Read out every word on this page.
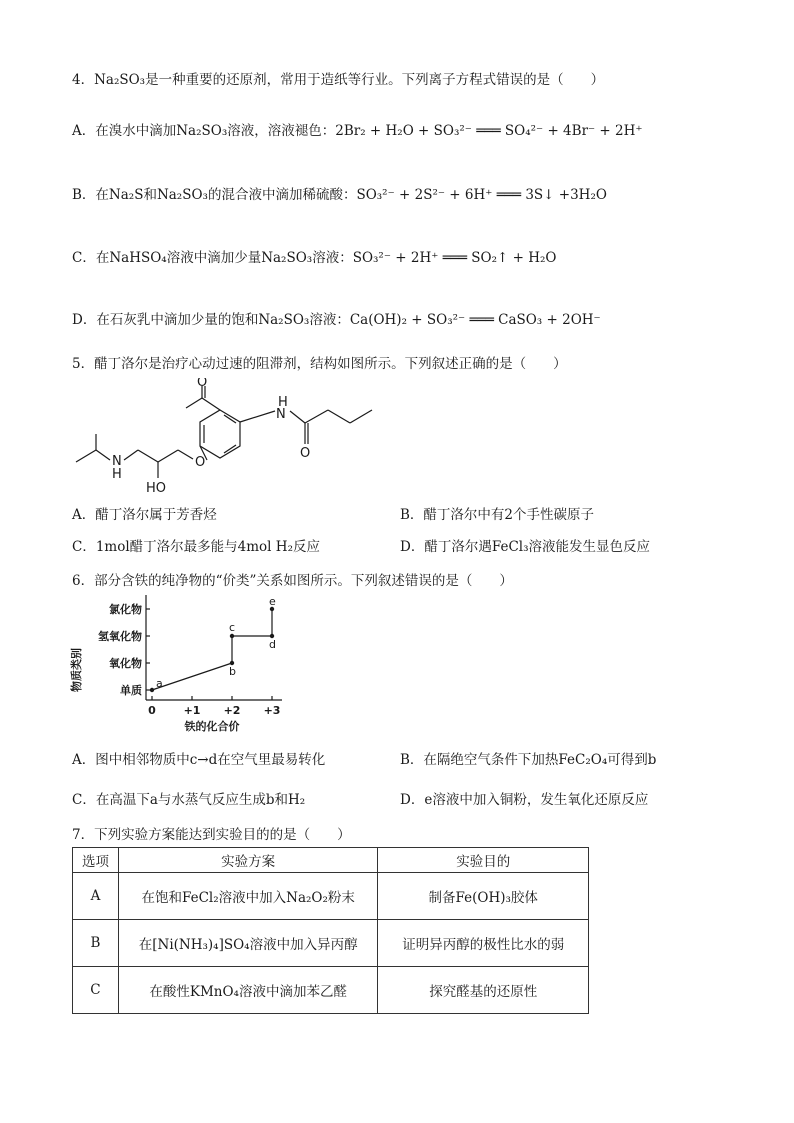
4．Na₂SO₃是一种重要的还原剂，常用于造纸等行业。下列离子方程式错误的是（　　）
A．在溴水中滴加Na₂SO₃溶液，溶液褪色：2Br₂ + H₂O + SO₃²⁻ ═══ SO₄²⁻ + 4Br⁻ + 2H⁺
B．在Na₂S和Na₂SO₃的混合液中滴加稀硫酸：SO₃²⁻ + 2S²⁻ + 6H⁺ ═══ 3S↓ +3H₂O
C．在NaHSO₄溶液中滴加少量Na₂SO₃溶液：SO₃²⁻ + 2H⁺ ═══ SO₂↑ + H₂O
D．在石灰乳中滴加少量的饱和Na₂SO₃溶液：Ca(OH)₂ + SO₃²⁻ ═══ CaSO₃ + 2OH⁻
5．醋丁洛尔是治疗心动过速的阻滞剂，结构如图所示。下列叙述正确的是（　　）
H
N
N
H
O
HO
O
O
A．醋丁洛尔属于芳香烃	B．醋丁洛尔中有2个手性碳原子
C．1mol醋丁洛尔最多能与4mol H₂反应	D．醋丁洛尔遇FeCl₃溶液能发生显色反应
6．部分含铁的纯净物的“价类”关系如图所示。下列叙述错误的是（　　）
单质
氧化物
氢氧化物
氯化物
0	+1 +2 +3
铁的化合价
物质类别	a
b
c
d
e
A．图中相邻物质中c→d在空气里最易转化	B．在隔绝空气条件下加热FeC₂O₄可得到b
C．在高温下a与水蒸气反应生成b和H₂	D．e溶液中加入铜粉，发生氧化还原反应
7．下列实验方案能达到实验目的的是（　　）
选项	实验方案	实验目的
A	在饱和FeCl₂溶液中加入Na₂O₂粉末	制备Fe(OH)₃胶体
B	在[Ni(NH₃)₄]SO₄溶液中加入异丙醇	证明异丙醇的极性比水的弱
C	在酸性KMnO₄溶液中滴加苯乙醛	探究醛基的还原性
